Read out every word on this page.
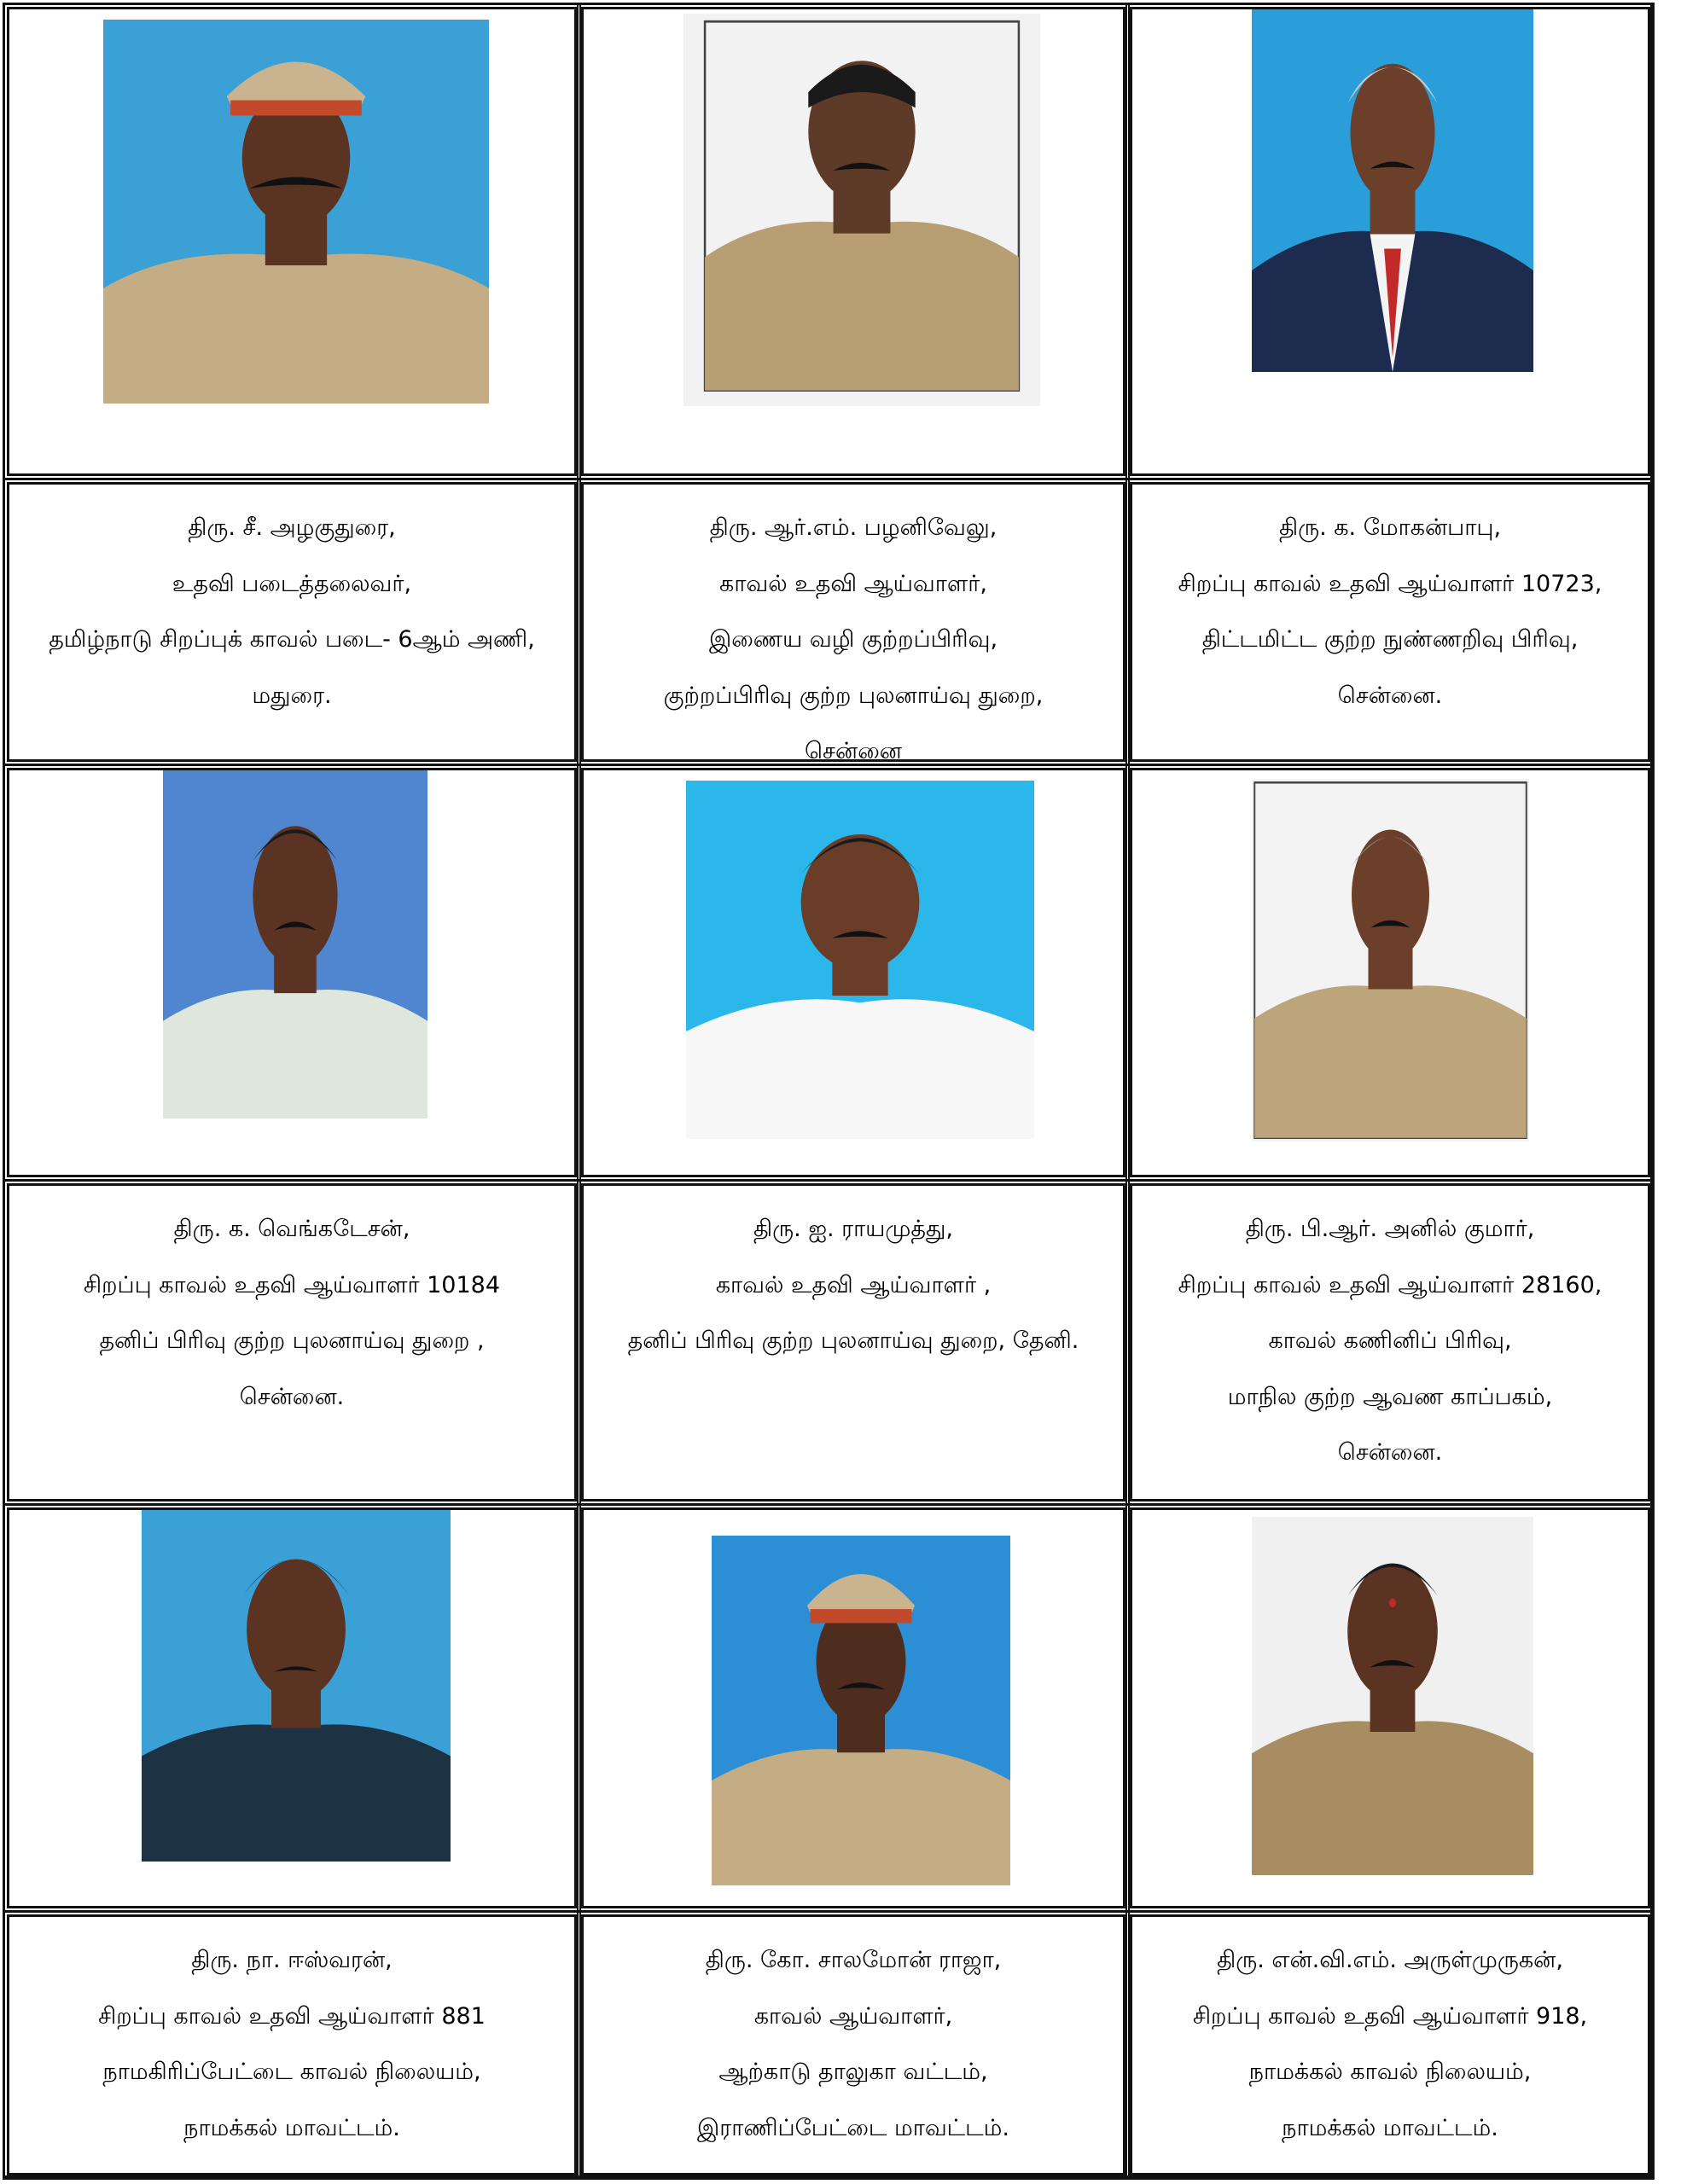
திரு. சீ. அழகுதுரை,
உதவி படைத்தலைவர்,
தமிழ்நாடு சிறப்புக் காவல் படை- 6ஆம் அணி,
மதுரை.
திரு. ஆர்.எம். பழனிவேலு,
காவல் உதவி ஆய்வாளர்,
இணைய வழி குற்றப்பிரிவு,
குற்றப்பிரிவு குற்ற புலனாய்வு துறை,
சென்னை
திரு. க. மோகன்பாபு,
சிறப்பு காவல் உதவி ஆய்வாளர் 10723,
திட்டமிட்ட குற்ற நுண்ணறிவு பிரிவு,
சென்னை.
திரு. க. வெங்கடேசன்,
சிறப்பு காவல் உதவி ஆய்வாளர் 10184
தனிப் பிரிவு குற்ற புலனாய்வு துறை ,
சென்னை.
திரு. ஐ. ராயமுத்து,
காவல் உதவி ஆய்வாளர் ,
தனிப் பிரிவு குற்ற புலனாய்வு துறை, தேனி.
திரு. பி.ஆர். அனில் குமார்,
சிறப்பு காவல் உதவி ஆய்வாளர் 28160,
காவல் கணினிப் பிரிவு,
மாநில குற்ற ஆவண காப்பகம்,
சென்னை.
திரு. நா. ஈஸ்வரன்,
சிறப்பு காவல் உதவி ஆய்வாளர் 881
நாமகிரிப்பேட்டை காவல் நிலையம்,
நாமக்கல் மாவட்டம்.
திரு. கோ. சாலமோன் ராஜா,
காவல் ஆய்வாளர்,
ஆற்காடு தாலுகா வட்டம்,
இராணிப்பேட்டை மாவட்டம்.
திரு. என்.வி.எம். அருள்முருகன்,
சிறப்பு காவல் உதவி ஆய்வாளர் 918,
நாமக்கல் காவல் நிலையம்,
நாமக்கல் மாவட்டம்.
